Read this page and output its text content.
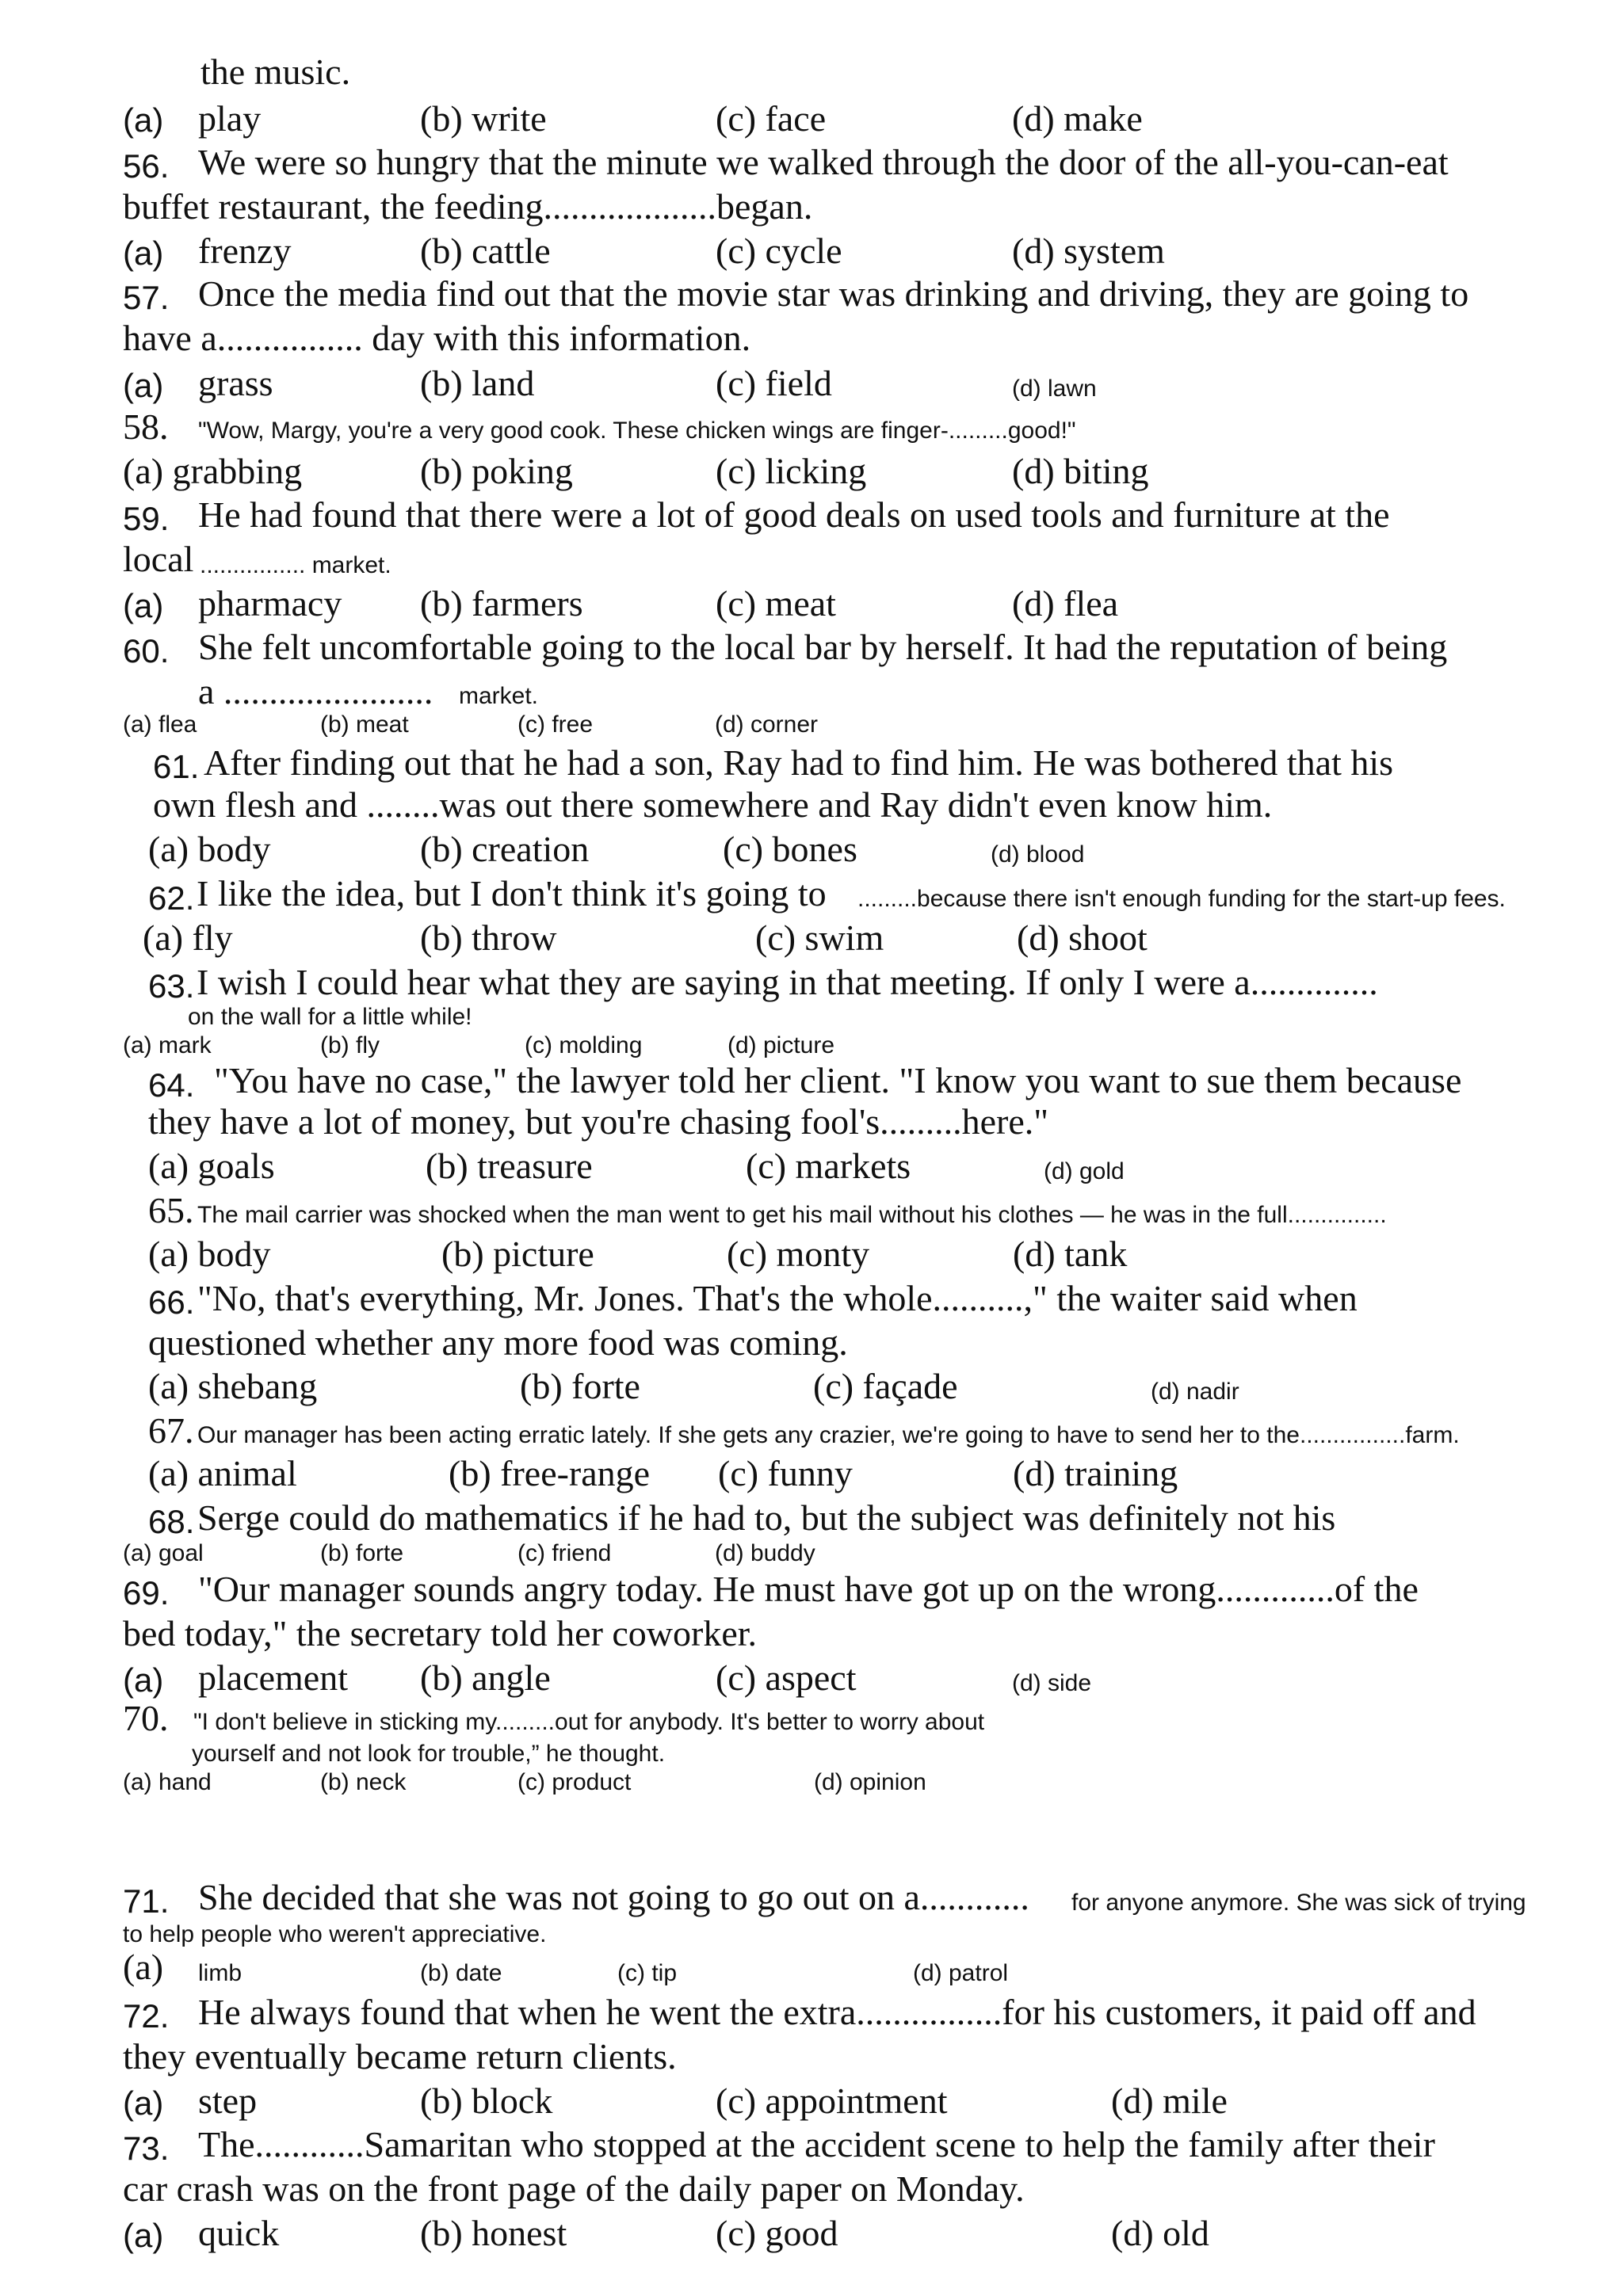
the music.
(a) play	(b) write	(c) face	(d) make
56. We were so hungry that the minute we walked through the door of the all-you-can-eat
buffet restaurant, the feeding...................began.
(a) frenzy	(b) cattle	(c) cycle	(d) system
57. Once the media find out that the movie star was drinking and driving, they are going to
have a................ day with this information.
(a) grass	(b) land	(c) field	(d) lawn
58. "Wow, Margy, you're a very good cook. These chicken wings are finger-.........good!"
(a) grabbing	(b) poking	(c) licking	(d) biting
59. He had found that there were a lot of good deals on used tools and furniture at the
local ................ market.
(a) pharmacy (b) farmers	(c) meat	(d) flea
60. She felt uncomfortable going to the local bar by herself. It had the reputation of being
a ....................... market.
(a) flea	(b) meat	(c) free	(d) corner
61. After finding out that he had a son, Ray had to find him. He was bothered that his
own flesh and ........was out there somewhere and Ray didn't even know him.
(a) body	(b) creation	(c) bones	(d) blood
62. I like the idea, but I don't think it's going to .........because there isn't enough funding for the start-up fees.
(a) fly	(b) throw	(c) swim	(d) shoot
63. I wish I could hear what they are saying in that meeting. If only I were a..............
on the wall for a little while!
(a) mark	(b) fly	(c) molding	(d) picture
64. "You have no case," the lawyer told her client. "I know you want to sue them because
they have a lot of money, but you're chasing fool's.........here."
(a) goals	(b) treasure	(c) markets	(d) gold
65. The mail carrier was shocked when the man went to get his mail without his clothes — he was in the full...............
(a) body	(b) picture	(c) monty	(d) tank
66. "No, that's everything, Mr. Jones. That's the whole..........," the waiter said when
questioned whether any more food was coming.
(a) shebang	(b) forte	(c) façade	(d) nadir
67. Our manager has been acting erratic lately. If she gets any crazier, we're going to have to send her to the................farm.
(a) animal	(b) free-range (c) funny	(d) training
68. Serge could do mathematics if he had to, but the subject was definitely not his
(a) goal	(b) forte	(c) friend	(d) buddy
69. "Our manager sounds angry today. He must have got up on the wrong.............of the
bed today," the secretary told her coworker.
(a) placement (b) angle	(c) aspect	(d) side
70. "I don't believe in sticking my.........out for anybody. It's better to worry about
yourself and not look for trouble,” he thought.
(a) hand	(b) neck	(c) product	(d) opinion
71. She decided that she was not going to go out on a............ for anyone anymore. She was sick of trying
to help people who weren't appreciative.
(a) limb	(b) date	(c) tip	(d) patrol
72. He always found that when he went the extra................for his customers, it paid off and
they eventually became return clients.
(a) step	(b) block	(c) appointment	(d) mile
73. The............Samaritan who stopped at the accident scene to help the family after their
car crash was on the front page of the daily paper on Monday.
(a) quick	(b) honest	(c) good	(d) old
